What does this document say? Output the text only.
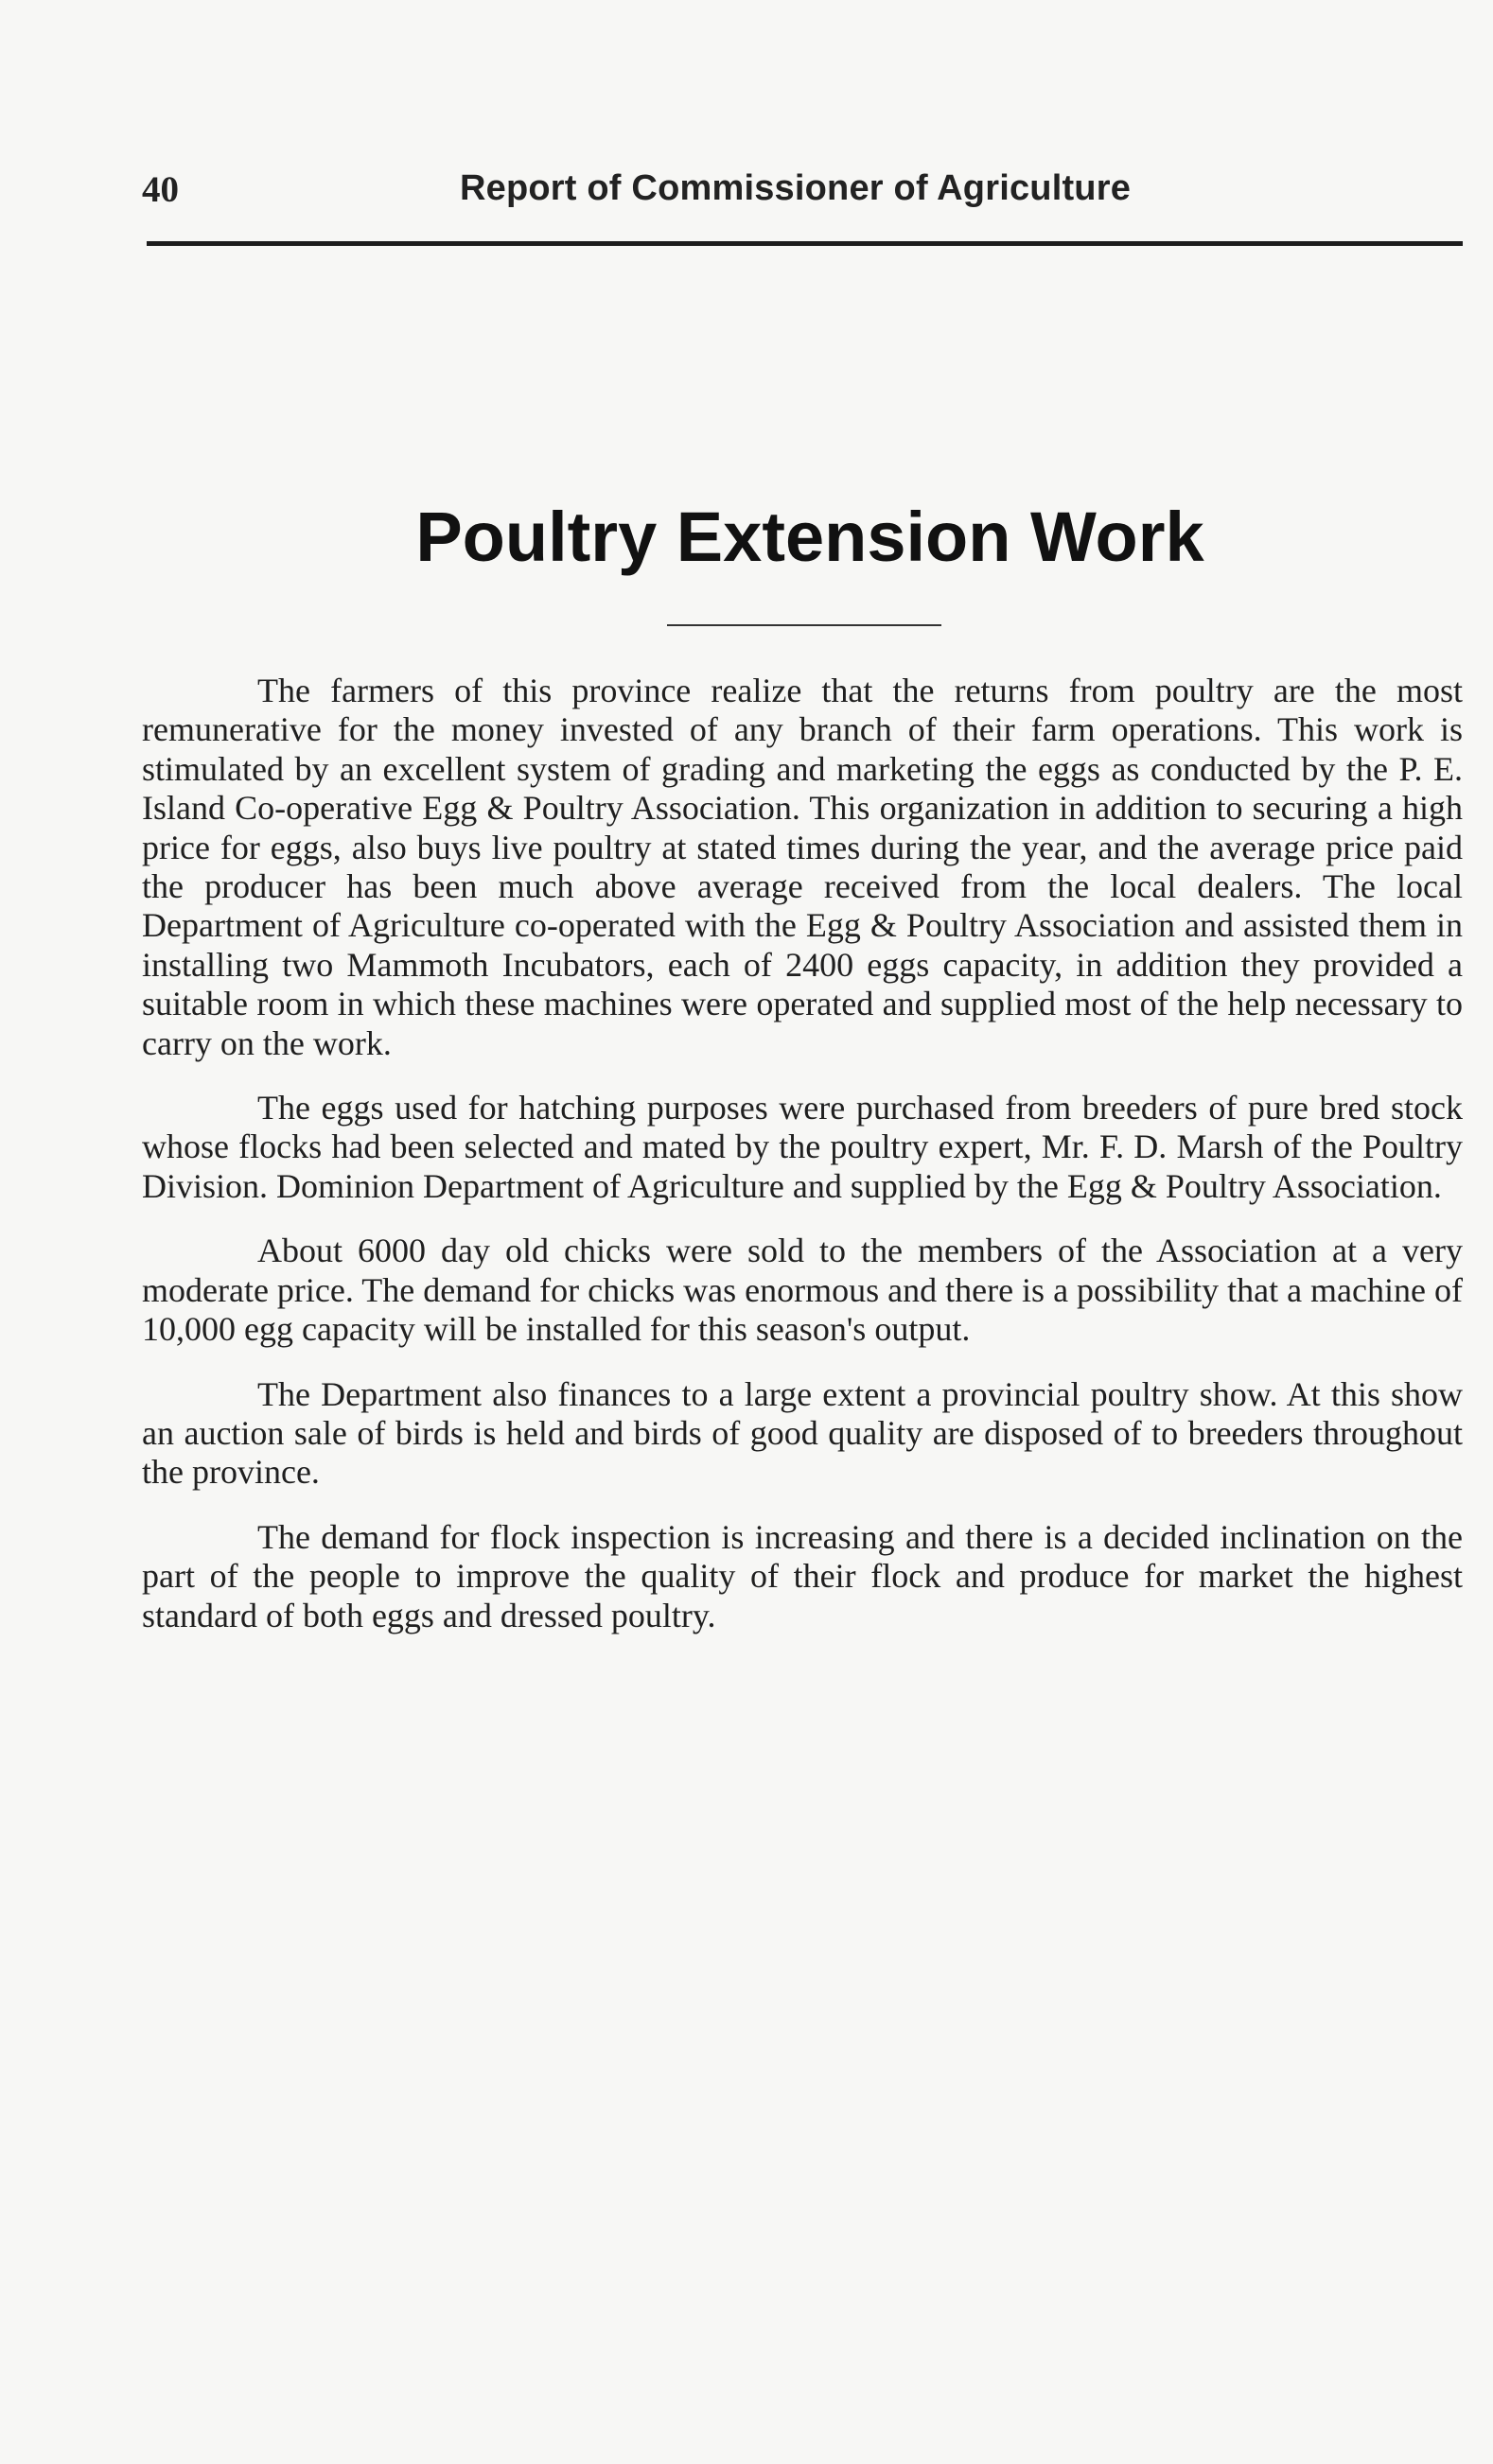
40	Report of Commissioner of Agriculture
Poultry Extension Work

The farmers of this province realize that the returns from poultry are the most remunerative for the money invested of any branch of their farm operations. This work is stimulated by an excellent system of grading and marketing the eggs as conducted by the P. E. Island Co-operative Egg & Poultry Association. This organization in addition to securing a high price for eggs, also buys live poultry at stated times during the year, and the average price paid the producer has been much above average received from the local dealers. The local Department of Agriculture co-operated with the Egg & Poultry Association and assisted them in installing two Mammoth Incubators, each of 2400 eggs capacity, in addition they provided a suitable room in which these machines were operated and supplied most of the help necessary to carry on the work.

The eggs used for hatching purposes were purchased from breeders of pure bred stock whose flocks had been selected and mated by the poultry expert, Mr. F. D. Marsh of the Poultry Division. Dominion Department of Agriculture and supplied by the Egg & Poultry Association.

About 6000 day old chicks were sold to the members of the Association at a very moderate price. The demand for chicks was enormous and there is a possibility that a machine of 10,000 egg capacity will be installed for this season's output.

The Department also finances to a large extent a provincial poultry show. At this show an auction sale of birds is held and birds of good quality are disposed of to breeders throughout the province.

The demand for flock inspection is increasing and there is a decided inclination on the part of the people to improve the quality of their flock and produce for market the highest standard of both eggs and dressed poultry.
